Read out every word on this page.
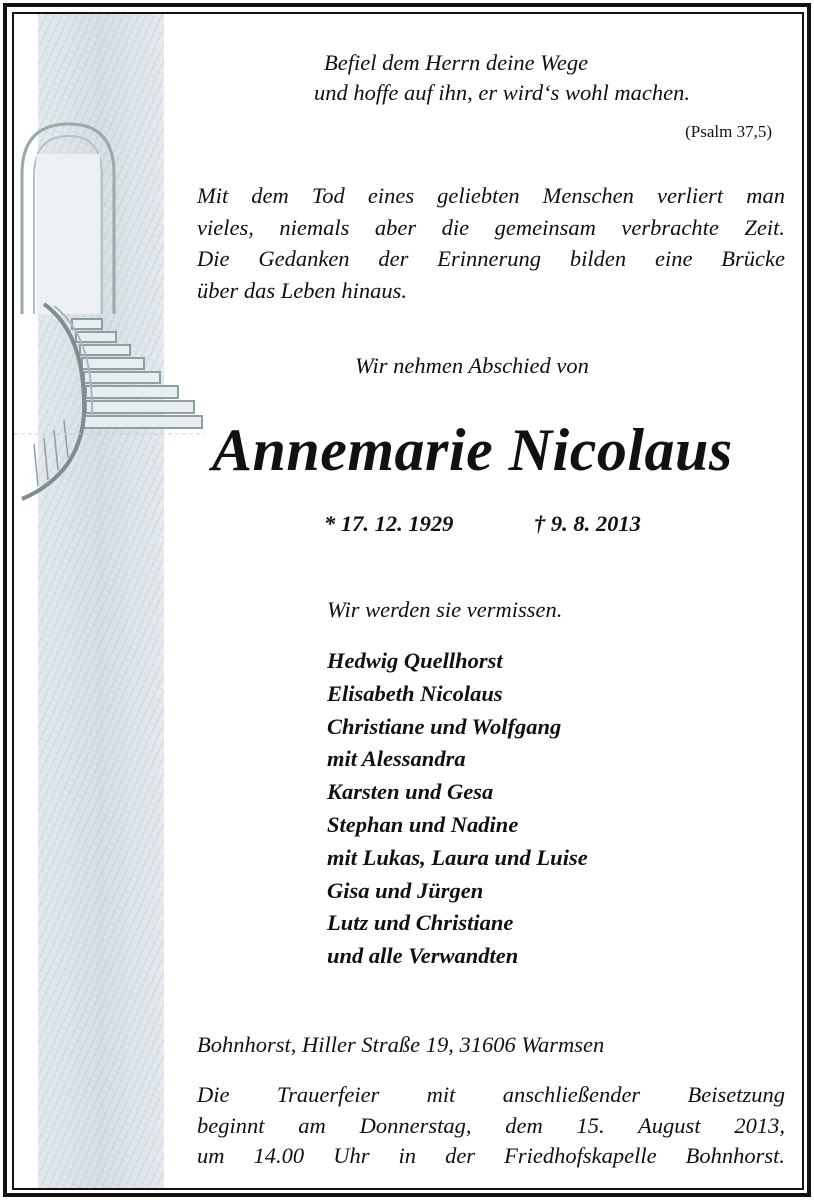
Befiel dem Herrn deine Wege
und hoffe auf ihn, er wird‘s wohl machen.
(Psalm 37,5)
Mit dem Tod eines geliebten Menschen verliert man
vieles, niemals aber die gemeinsam verbrachte Zeit.
Die Gedanken der Erinnerung bilden eine Brücke
über das Leben hinaus.
Wir nehmen Abschied von
Annemarie Nicolaus
* 17. 12. 1929	† 9. 8. 2013
Wir werden sie vermissen.
Hedwig Quellhorst
Elisabeth Nicolaus
Christiane und Wolfgang
mit Alessandra
Karsten und Gesa
Stephan und Nadine
mit Lukas, Laura und Luise
Gisa und Jürgen
Lutz und Christiane
und alle Verwandten
Bohnhorst, Hiller Straße 19, 31606 Warmsen
Die Trauerfeier mit anschließender Beisetzung
beginnt am Donnerstag, dem 15. August 2013,
um 14.00 Uhr in der Friedhofskapelle Bohnhorst.
